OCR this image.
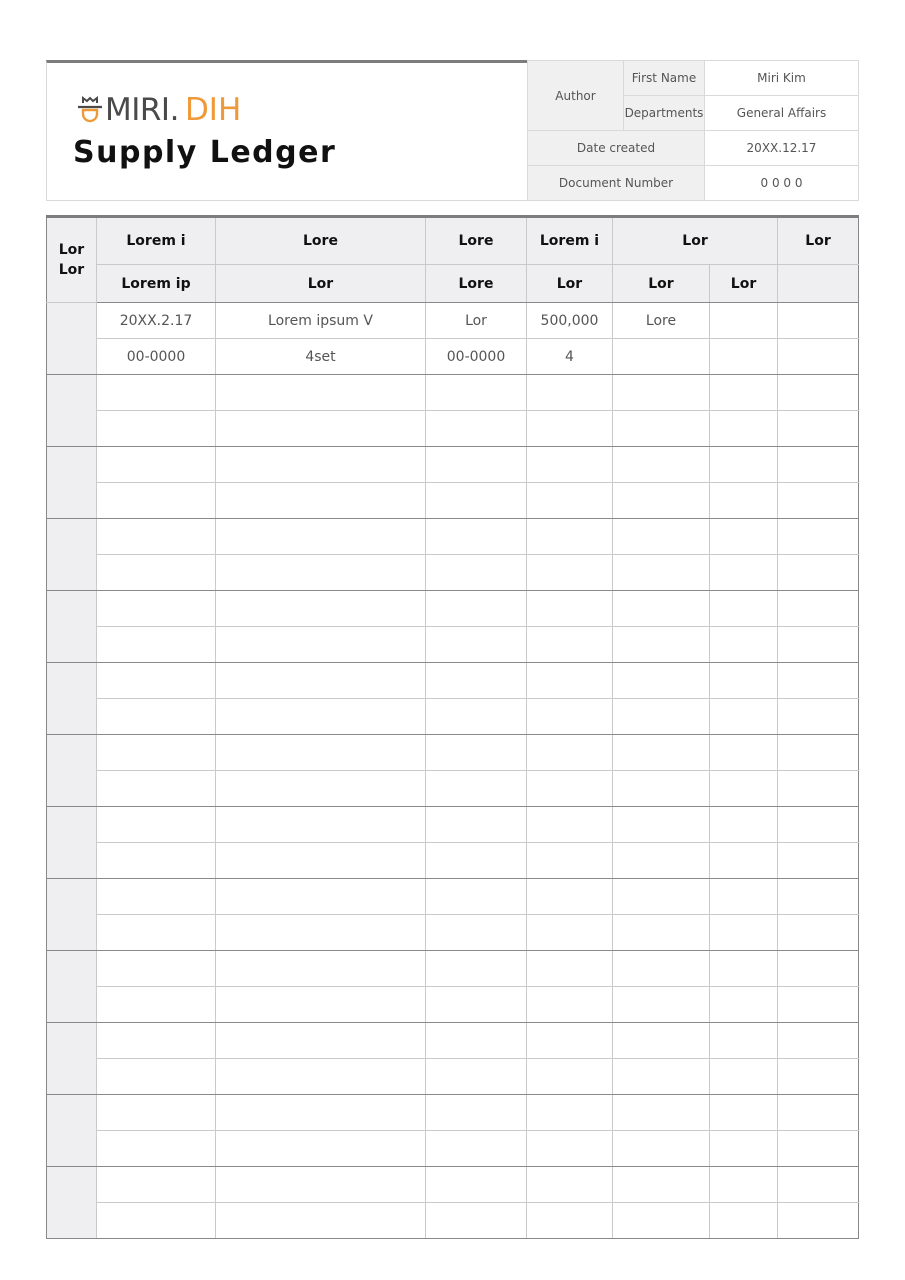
MIRI. DIH
Supply Ledger
Author	First Name	Miri Kim
	Departments	General Affairs
Date created		20XX.12.17
Document Number		0 0 0 0
Lor Lor	Lorem i	Lore	Lore	Lorem i	Lor		Lor
	Lorem ip	Lor	Lore	Lor	Lor	Lor	
	20XX.2.17	Lorem ipsum V	Lor	500,000	Lore		
	00-0000	4set	00-0000	4			
